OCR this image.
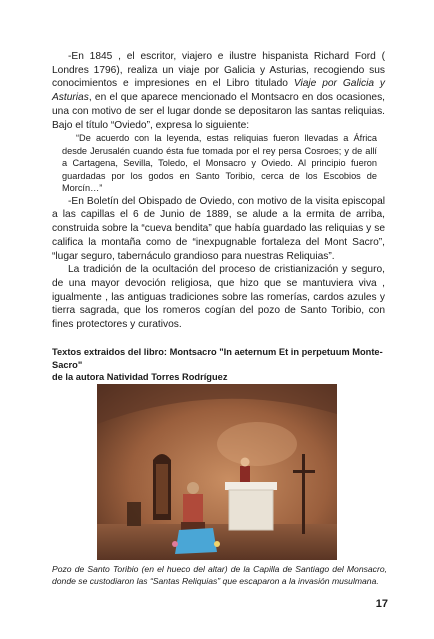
-En 1845 , el escritor, viajero e ilustre hispanista Richard Ford ( Londres 1796), realiza un viaje por Galicia y Asturias, recogiendo sus conocimientos e impresiones en el Libro titulado Viaje por Galicia y Asturias, en el que aparece mencionado el Montsacro en dos ocasiones, una con motivo de ser el lugar donde se depositaron las santas reliquias. Bajo el título “Oviedo”, expresa lo siguiente:

“De acuerdo con la leyenda, estas reliquias fueron llevadas a África desde Jerusalén cuando ésta fue tomada por el rey persa Cosroes; y de allí a Cartagena, Sevilla, Toledo, el Monsacro y Oviedo. Al principio fueron guardadas por los godos en Santo Toribio, cerca de los Escobios de Morcín…”

-En Boletín del Obispado de Oviedo, con motivo de la visita episcopal a las capillas el 6 de Junio de 1889, se alude a la ermita de arriba, construida sobre la “cueva bendita” que había guardado las reliquias y se califica la montaña como de “inexpugnable fortaleza del Mont Sacro”, “lugar seguro, tabernáculo grandioso para nuestras Reliquias”.

La tradición de la ocultación del proceso de cristianización y seguro, de una mayor devoción religiosa, que hizo que se mantuviera viva , igualmente , las antiguas tradiciones sobre las romerías, cardos azules y tierra sagrada, que los romeros cogían del pozo de Santo Toribio, con fines protectores y curativos.

Textos extraidos del libro: Montsacro "In aeternum Et in perpetuum Monte-Sacro"
de la autora Natividad Torres Rodríguez
Pozo de Santo Toribio (en el hueco del altar) de la Capilla de Santiago del Monsacro, donde se custodiaron las “Santas Reliquias” que escaparon a la invasión musulmana.
17
